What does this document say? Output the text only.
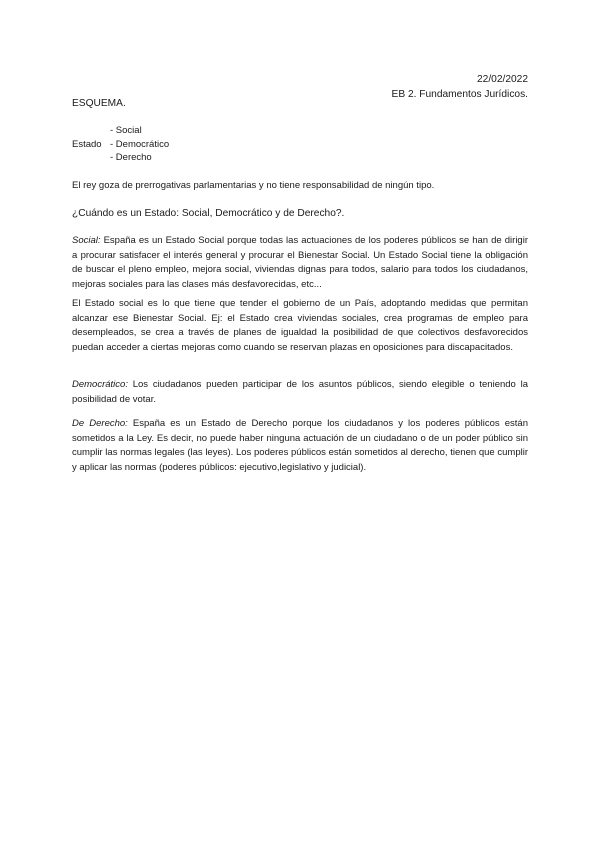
22/02/2022
EB 2. Fundamentos Jurídicos.
ESQUEMA.
Estado
- Social
- Democrático
- Derecho
El rey goza de prerrogativas parlamentarias y no tiene responsabilidad de ningún tipo.
¿Cuándo es un Estado: Social, Democrático y de Derecho?.
Social: España es un Estado Social porque todas las actuaciones de los poderes públicos se han de dirigir a procurar satisfacer el interés general y procurar el Bienestar Social. Un Estado Social tiene la obligación de buscar el pleno empleo, mejora social, viviendas dignas para todos, salario para todos los ciudadanos, mejoras sociales para las clases más desfavorecidas, etc...
El Estado social es lo que tiene que tender el gobierno de un País, adoptando medidas que permitan alcanzar ese Bienestar Social. Ej: el Estado crea viviendas sociales, crea programas de empleo para desempleados, se crea a través de planes de igualdad la posibilidad de que colectivos desfavorecidos puedan acceder a ciertas mejoras como cuando se reservan plazas en oposiciones para discapacitados.
Democrático: Los ciudadanos pueden participar de los asuntos públicos, siendo elegible o teniendo la posibilidad de votar.
De Derecho: España es un Estado de Derecho porque los ciudadanos y los poderes públicos están sometidos a la Ley. Es decir, no puede haber ninguna actuación de un ciudadano o de un poder público sin cumplir las normas legales (las leyes). Los poderes públicos están sometidos al derecho, tienen que cumplir y aplicar las normas (poderes públicos: ejecutivo,legislativo y judicial).
